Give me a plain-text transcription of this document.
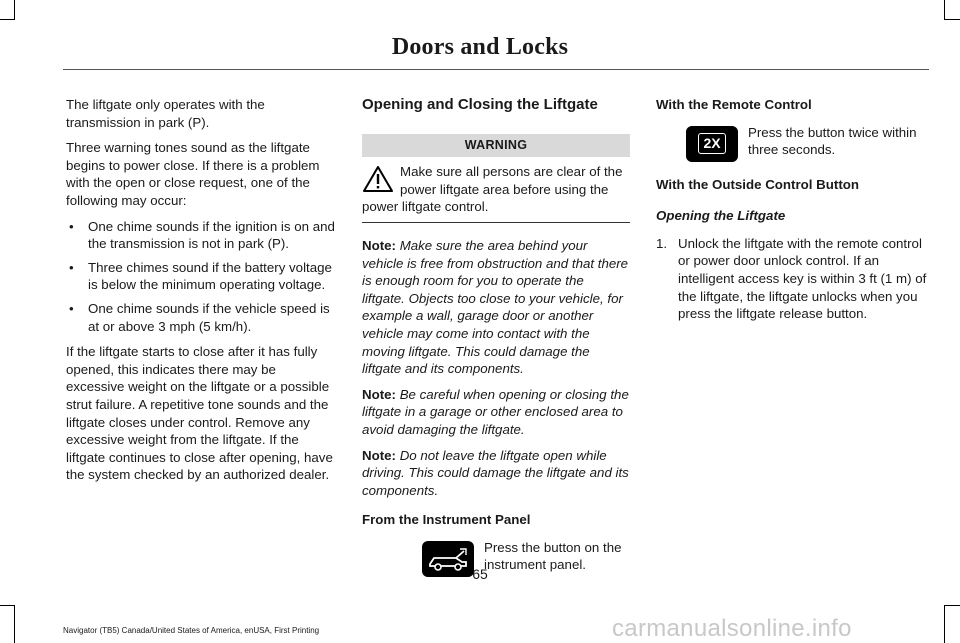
Doors and Locks

The liftgate only operates with the transmission in park (P).

Three warning tones sound as the liftgate begins to power close. If there is a problem with the open or close request, one of the following may occur:

• One chime sounds if the ignition is on and the transmission is not in park (P).
• Three chimes sound if the battery voltage is below the minimum operating voltage.
• One chime sounds if the vehicle speed is at or above 3 mph (5 km/h).

If the liftgate starts to close after it has fully opened, this indicates there may be excessive weight on the liftgate or a possible strut failure. A repetitive tone sounds and the liftgate closes under control. Remove any excessive weight from the liftgate. If the liftgate continues to close after opening, have the system checked by an authorized dealer.

Opening and Closing the Liftgate
WARNING
Make sure all persons are clear of the power liftgate area before using the power liftgate control.

Note: Make sure the area behind your vehicle is free from obstruction and that there is enough room for you to operate the liftgate. Objects too close to your vehicle, for example a wall, garage door or another vehicle may come into contact with the moving liftgate. This could damage the liftgate and its components.

Note: Be careful when opening or closing the liftgate in a garage or other enclosed area to avoid damaging the liftgate.

Note: Do not leave the liftgate open while driving. This could damage the liftgate and its components.

From the Instrument Panel
Press the button on the instrument panel.
With the Remote Control
2X
Press the button twice within three seconds.
With the Outside Control Button
Opening the Liftgate
1. Unlock the liftgate with the remote control or power door unlock control. If an intelligent access key is within 3 ft (1 m) of the liftgate, the liftgate unlocks when you press the liftgate release button.
65
Navigator (TB5) Canada/United States of America, enUSA, First Printing	carmanualsonline.info
